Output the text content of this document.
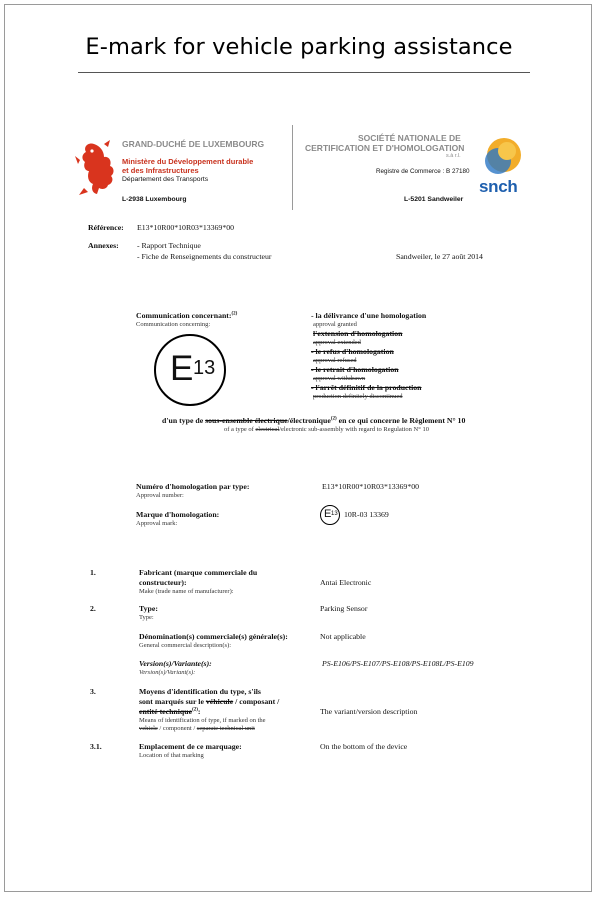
E-mark for vehicle parking assistance
GRAND-DUCHÉ DE LUXEMBOURG
Ministère du Développement durable
et des Infrastructures
Département des Transports
L-2938 Luxembourg
SOCIÉTÉ NATIONALE DE
CERTIFICATION ET D'HOMOLOGATION
s.à r.l.
Registre de Commerce : B 27180
L-5201 Sandweiler
snch
Référence: E13*10R00*10R03*13369*00
Annexes: - Rapport Technique
- Fiche de Renseignements du constructeur	Sandweiler, le 27 août 2014
Communication concernant:$^{(2)}$
Communication concerning:
E 13
- la délivrance d'une homologation
approval granted
l'extension d'homologation
approval extended
- le refus d'homologation
approval refused
- le retrait d'homologation
approval withdrawn
- l'arrêt définitif de la production
production definitely discontinued
d'un type de sous-ensemble électrique/électronique$^{(2)}$ en ce qui concerne le Règlement N° 10
of a type of electrical/electronic sub-assembly with regard to Regulation N° 10
Numéro d'homologation par type:
Approval number:
E13*10R00*10R03*13369*00
Marque d'homologation:
Approval mark:
E 13 10R-03 13369
1.	Fabricant (marque commerciale du
constructeur):
Make (trade name of manufacturer):
Antai Electronic
2.	Type:
Type:
Parking Sensor
Dénomination(s) commerciale(s) générale(s):
General commercial description(s):
Not applicable
Version(s)/Variante(s):
Version(s)/Variant(s):
PS-E106/PS-E107/PS-E108/PS-E108L/PS-E109
3.	Moyens d'identification du type, s'ils
sont marqués sur le véhicule / composant /
entité technique$^{(2)}$:
Means of identification of type, if marked on the
vehicle / component / separate technical unit
The variant/version description
3.1.	Emplacement de ce marquage:
Location of that marking
On the bottom of the device
